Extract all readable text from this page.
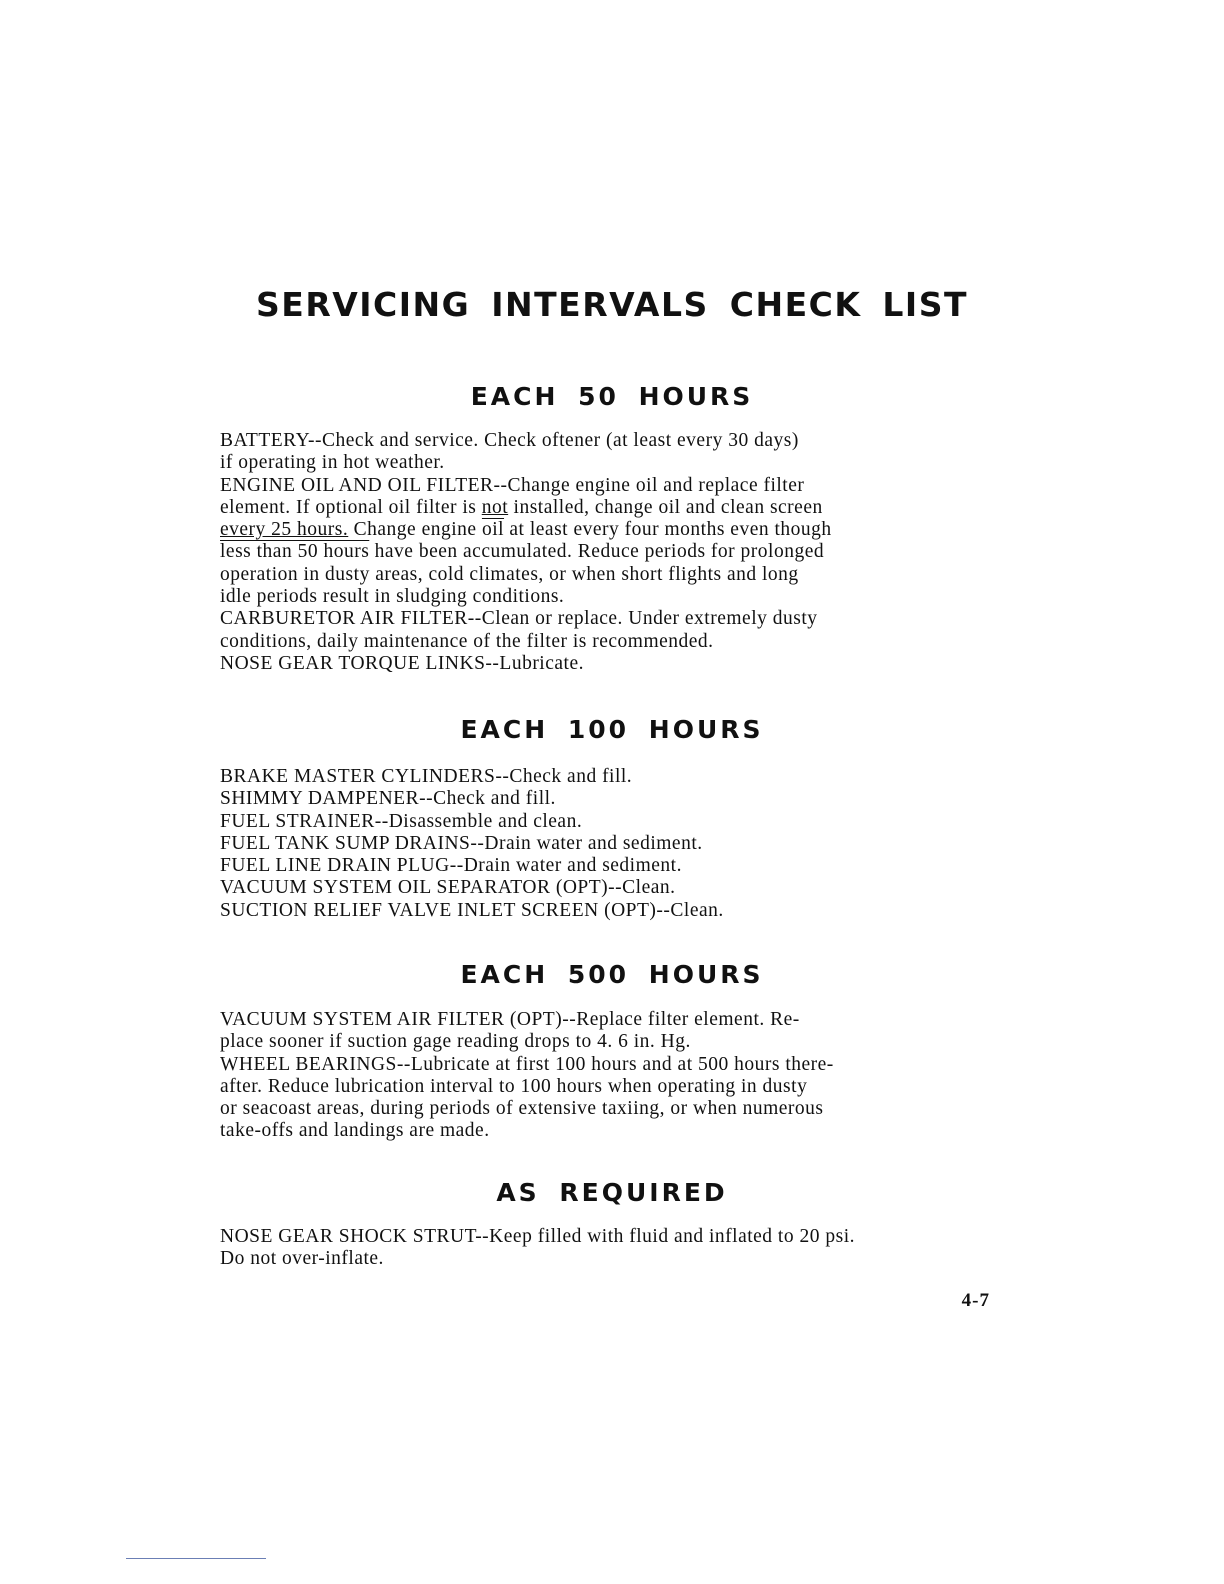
SERVICING INTERVALS CHECK LIST
EACH 50 HOURS
BATTERY--Check and service. Check oftener (at least every 30 days)
if operating in hot weather.
ENGINE OIL AND OIL FILTER--Change engine oil and replace filter
element. If optional oil filter is not installed, change oil and clean screen
every 25 hours. Change engine $\overline{oil}$ at least every four months even though
less than 50 hours have been accumulated. Reduce periods for prolonged
operation in dusty areas, cold climates, or when short flights and long
idle periods result in sludging conditions.
CARBURETOR AIR FILTER--Clean or replace. Under extremely dusty
conditions, daily maintenance of the filter is recommended.
NOSE GEAR TORQUE LINKS--Lubricate.
EACH 100 HOURS
BRAKE MASTER CYLINDERS--Check and fill.
SHIMMY DAMPENER--Check and fill.
FUEL STRAINER--Disassemble and clean.
FUEL TANK SUMP DRAINS--Drain water and sediment.
FUEL LINE DRAIN PLUG--Drain water and sediment.
VACUUM SYSTEM OIL SEPARATOR (OPT)--Clean.
SUCTION RELIEF VALVE INLET SCREEN (OPT)--Clean.
EACH 500 HOURS
VACUUM SYSTEM AIR FILTER (OPT)--Replace filter element. Re-
place sooner if suction gage reading drops to 4. 6 in. Hg.
WHEEL BEARINGS--Lubricate at first 100 hours and at 500 hours there-
after. Reduce lubrication interval to 100 hours when operating in dusty
or seacoast areas, during periods of extensive taxiing, or when numerous
take-offs and landings are made.
AS REQUIRED
NOSE GEAR SHOCK STRUT--Keep filled with fluid and inflated to 20 psi.
Do not over-inflate.
4-7
